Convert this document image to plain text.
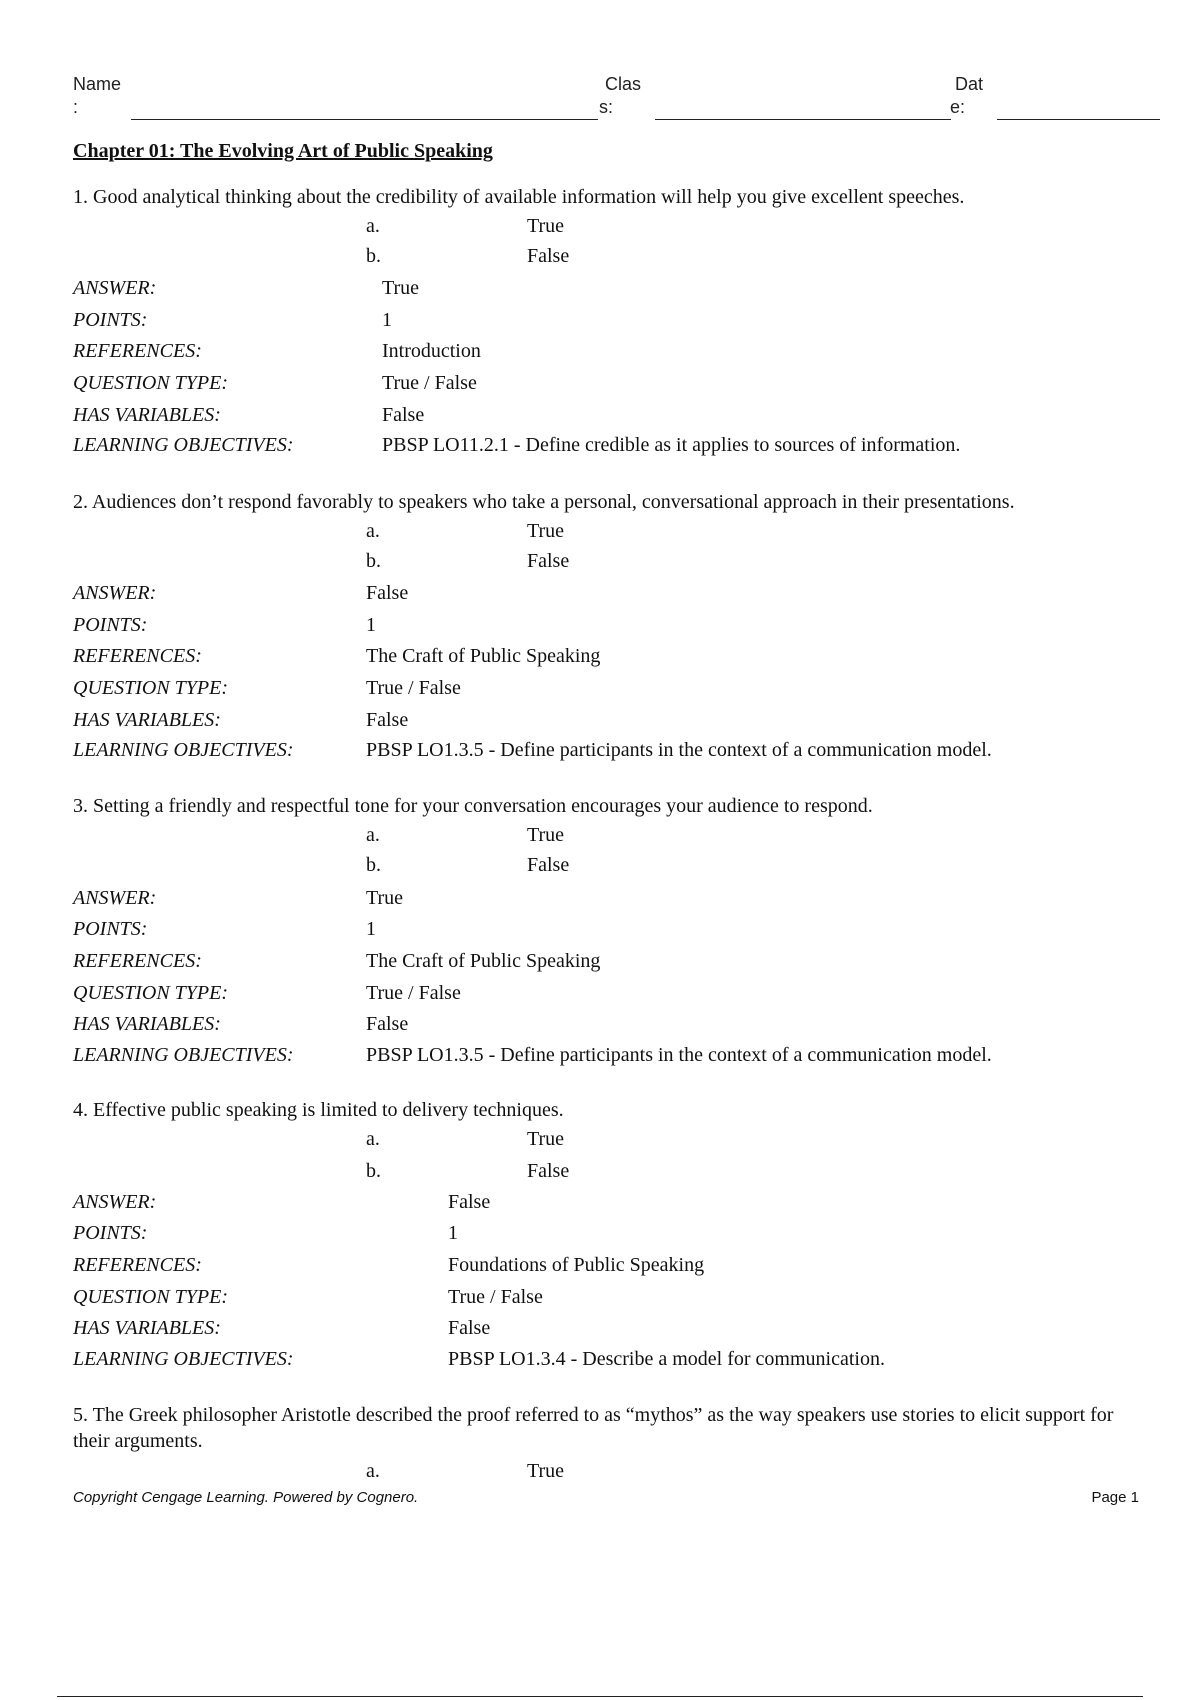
Name
:
Clas
s:
Dat
e:
Chapter 01: The Evolving Art of Public Speaking
1. Good analytical thinking about the credibility of available information will help you give excellent speeches.
a.	True
b.	False
ANSWER:	True
POINTS:	1
REFERENCES:	Introduction
QUESTION TYPE:	True / False
HAS VARIABLES:	False
LEARNING OBJECTIVES:	PBSP LO11.2.1 - Define credible as it applies to sources of information.
2. Audiences don’t respond favorably to speakers who take a personal, conversational approach in their presentations.
a.	True
b.	False
ANSWER:	False
POINTS:	1
REFERENCES:	The Craft of Public Speaking
QUESTION TYPE:	True / False
HAS VARIABLES:	False
LEARNING OBJECTIVES:	PBSP LO1.3.5 - Define participants in the context of a communication model.
3. Setting a friendly and respectful tone for your conversation encourages your audience to respond.
a.	True
b.	False
ANSWER:	True
POINTS:	1
REFERENCES:	The Craft of Public Speaking
QUESTION TYPE:	True / False
HAS VARIABLES:	False
LEARNING OBJECTIVES:	PBSP LO1.3.5 - Define participants in the context of a communication model.
4. Effective public speaking is limited to delivery techniques.
a.	True
b.	False
ANSWER:	False
POINTS:	1
REFERENCES:	Foundations of Public Speaking
QUESTION TYPE:	True / False
HAS VARIABLES:	False
LEARNING OBJECTIVES:	PBSP LO1.3.4 - Describe a model for communication.
5. The Greek philosopher Aristotle described the proof referred to as “mythos” as the way speakers use stories to elicit support for their arguments.
a.	True
Copyright Cengage Learning. Powered by Cognero.	Page 1
